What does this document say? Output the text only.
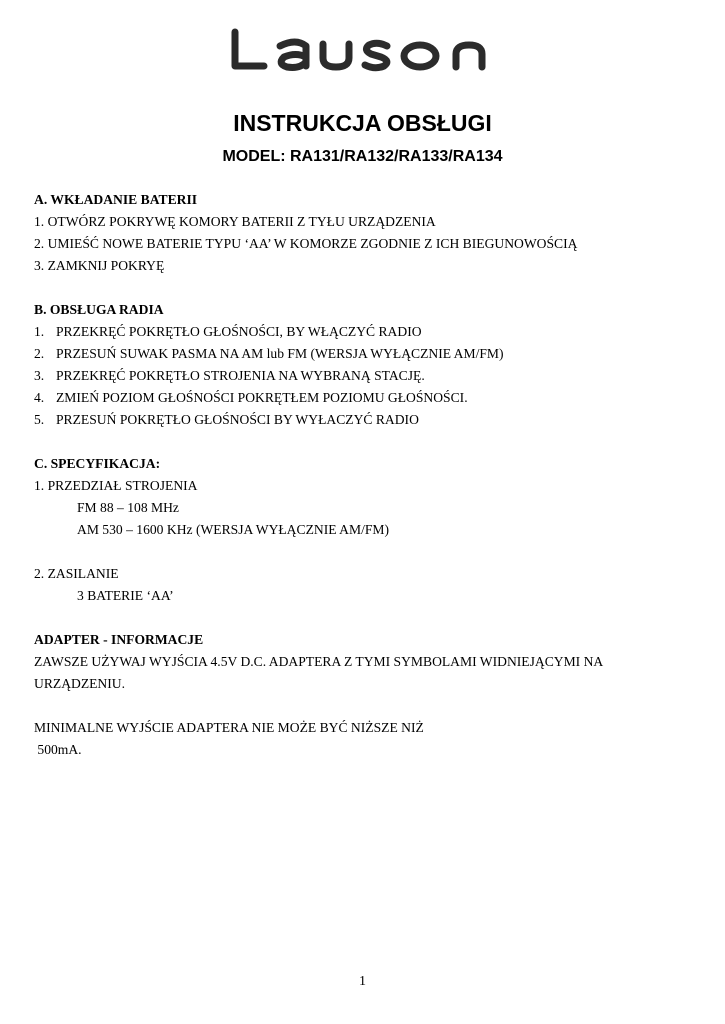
INSTRUKCJA OBSŁUGI
MODEL: RA131/RA132/RA133/RA134
A. WKŁADANIE BATERII
1. OTWÓRZ POKRYWĘ KOMORY BATERII Z TYŁU URZĄDZENIA
2. UMIEŚĆ NOWE BATERIE TYPU ‘AA’ W KOMORZE ZGODNIE Z ICH BIEGUNOWOŚCIĄ
3. ZAMKNIJ POKRYĘ
B. OBSŁUGA RADIA
1. PRZEKRĘĆ POKRĘTŁO GŁOŚNOŚCI, BY WŁĄCZYĆ RADIO
2. PRZESUŃ SUWAK PASMA NA AM lub FM (WERSJA WYŁĄCZNIE AM/FM)
3. PRZEKRĘĆ POKRĘTŁO STROJENIA NA WYBRANĄ STACJĘ.
4. ZMIEŃ POZIOM GŁOŚNOŚCI POKRĘTŁEM POZIOMU GŁOŚNOŚCI.
5. PRZESUŃ POKRĘTŁO GŁOŚNOŚCI BY WYŁACZYĆ RADIO
C. SPECYFIKACJA:
1. PRZEDZIAŁ STROJENIA
FM 88 – 108 MHz
AM 530 – 1600 KHz (WERSJA WYŁĄCZNIE AM/FM)
2. ZASILANIE
3 BATERIE ‘AA’
ADAPTER - INFORMACJE
ZAWSZE UŻYWAJ WYJŚCIA 4.5V D.C. ADAPTERA Z TYMI SYMBOLAMI WIDNIEJĄCYMI NA URZĄDZENIU.
MINIMALNE WYJŚCIE ADAPTERA NIE MOŻE BYĆ NIŻSZE NIŻ
500mA.
1
